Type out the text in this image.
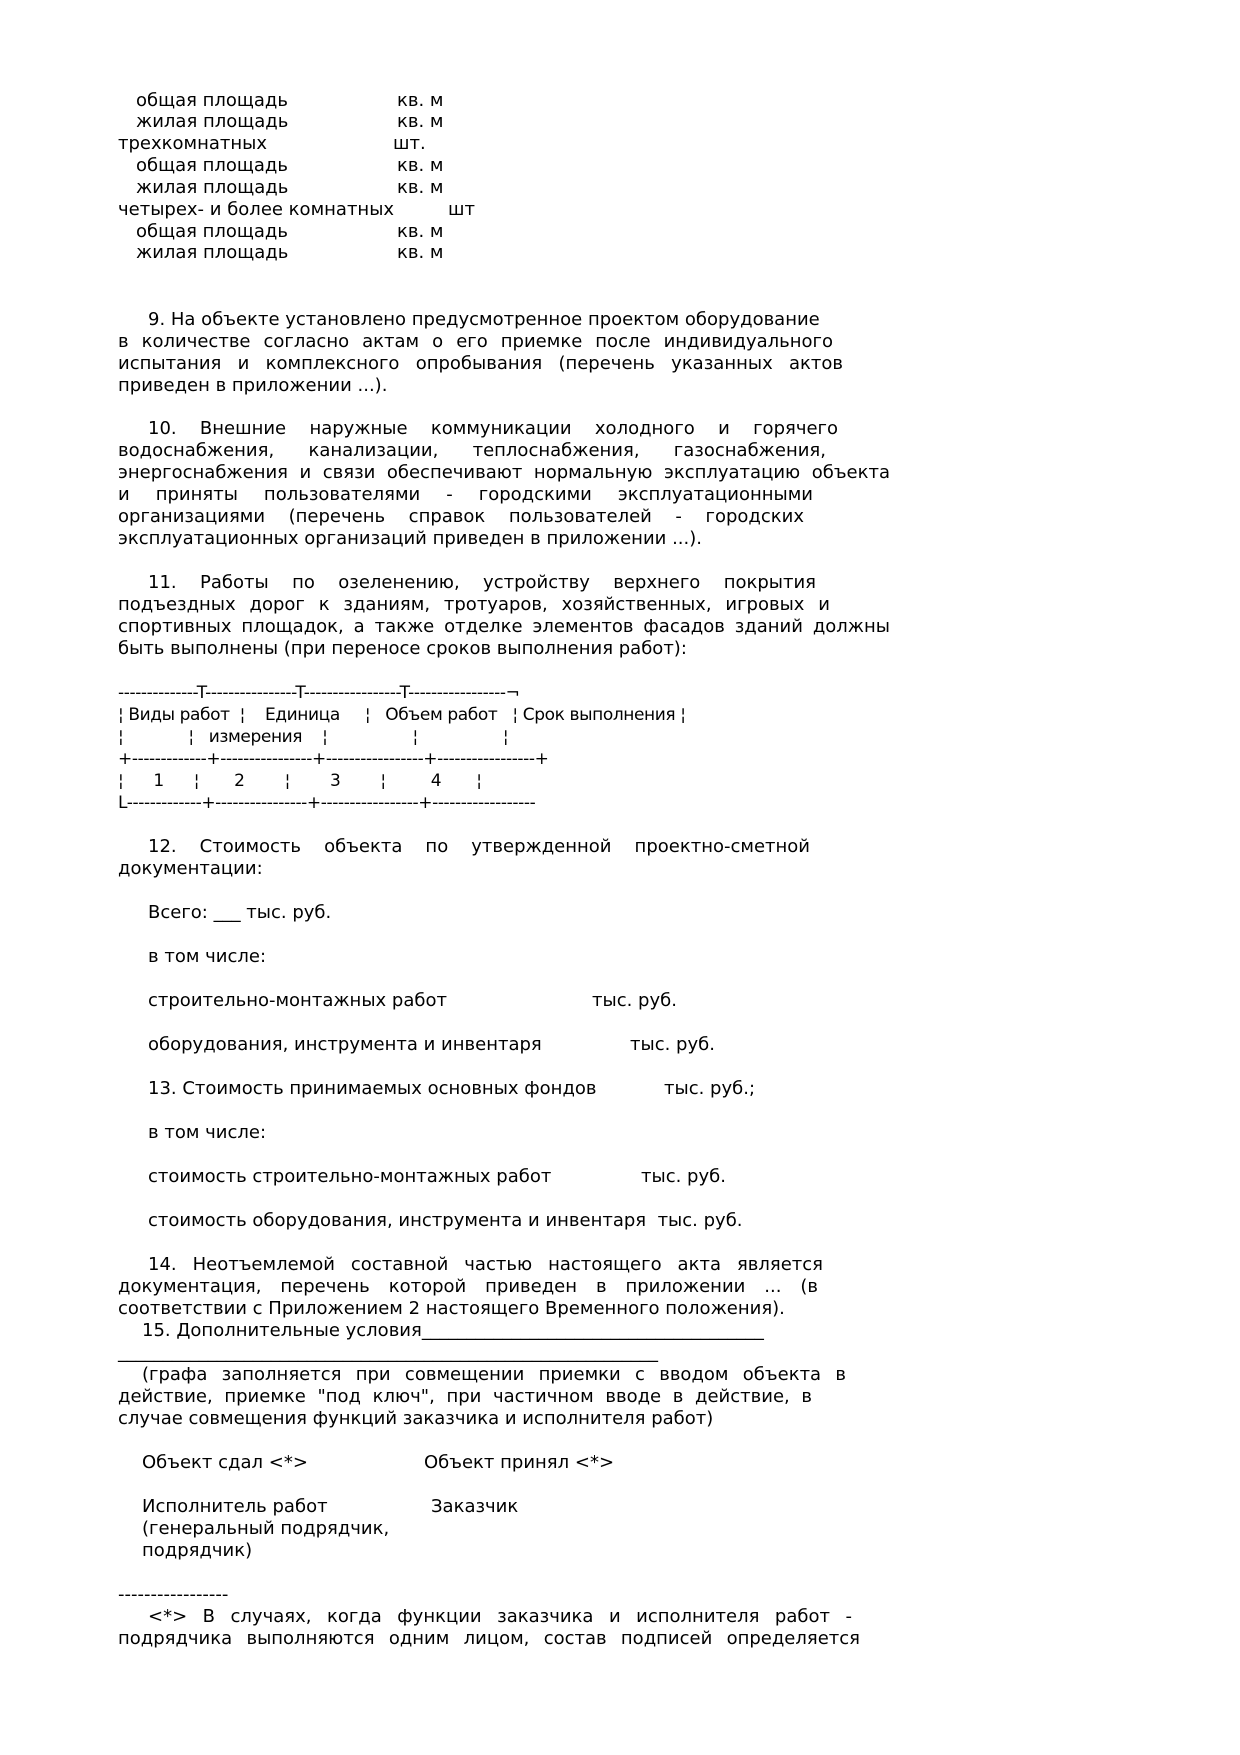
общая площадь	кв. м
жилая площадь	кв. м
трехкомнатных	шт.
общая площадь	кв. м
жилая площадь	кв. м
четырех- и более комнатных	шт
общая площадь	кв. м
жилая площадь	кв. м
9. На объекте установлено предусмотренное проектом оборудование
в количестве согласно актам о его приемке после индивидуального
испытания и комплексного опробывания (перечень указанных актов
приведен в приложении ...).
10. Внешние наружные коммуникации холодного и горячего
водоснабжения, канализации, теплоснабжения, газоснабжения,
энергоснабжения и связи обеспечивают нормальную эксплуатацию объекта
и приняты пользователями - городскими эксплуатационными
организациями (перечень справок пользователей - городских
эксплуатационных организаций приведен в приложении ...).
11. Работы по озеленению, устройству верхнего покрытия
подъездных дорог к зданиям, тротуаров, хозяйственных, игровых и
спортивных площадок, а также отделке элементов фасадов зданий должны
быть выполнены (при переносе сроков выполнения работ):
--------------T----------------T-----------------T-----------------¬
¦ Виды работ  ¦    Единица     ¦   Объем работ   ¦ Срок выполнения ¦
¦             ¦   измерения    ¦                 ¦                 ¦
+-------------+----------------+-----------------+-----------------+
¦      1      ¦       2        ¦        3        ¦         4       ¦
L-------------+----------------+-----------------+------------------
12. Стоимость объекта по утвержденной проектно-сметной
документации:
Всего: ___ тыс. руб.
в том числе:
строительно-монтажных работ	тыс. руб.
оборудования, инструмента и инвентаря	тыс. руб.
13. Стоимость принимаемых основных фондов	тыс. руб.;
в том числе:
стоимость строительно-монтажных работ	тыс. руб.
стоимость оборудования, инструмента и инвентаря  тыс. руб.
14. Неотъемлемой составной частью настоящего акта является
документация, перечень которой приведен в приложении ... (в
соответствии с Приложением 2 настоящего Временного положения).
15. Дополнительные условия______________________________________
____________________________________________________________
(графа заполняется при совмещении приемки с вводом объекта в
действие, приемке "под ключ", при частичном вводе в действие, в
случае совмещения функций заказчика и исполнителя работ)
Объект сдал <*>	Объект принял <*>
Исполнитель работ	Заказчик
(генеральный подрядчик,
подрядчик)
-----------------
<*> В случаях, когда функции заказчика и исполнителя работ -
подрядчика выполняются одним лицом, состав подписей определяется
